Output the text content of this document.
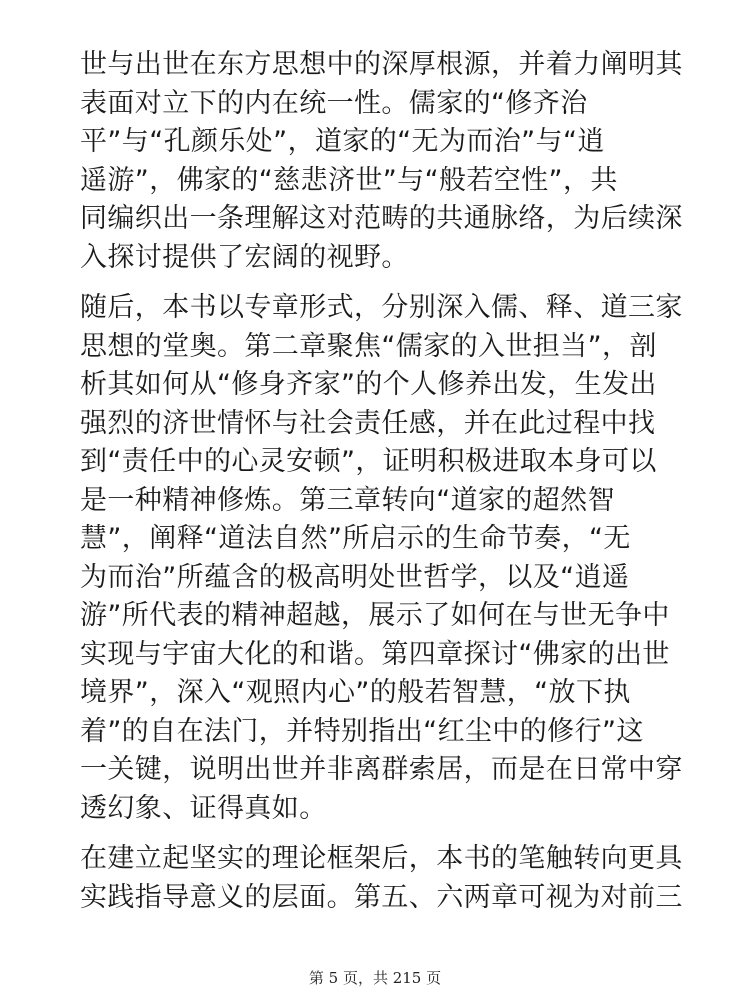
世与出世在东方思想中的深厚根源，并着力阐明其
表面对立下的内在统一性。儒家的“修齐治
平”与“孔颜乐处”，道家的“无为而治”与“逍
遥游”，佛家的“慈悲济世”与“般若空性”，共
同编织出一条理解这对范畴的共通脉络，为后续深
入探讨提供了宏阔的视野。
随后，本书以专章形式，分别深入儒、释、道三家
思想的堂奥。第二章聚焦“儒家的入世担当”，剖
析其如何从“修身齐家”的个人修养出发，生发出
强烈的济世情怀与社会责任感，并在此过程中找
到“责任中的心灵安顿”，证明积极进取本身可以
是一种精神修炼。第三章转向“道家的超然智
慧”，阐释“道法自然”所启示的生命节奏，“无
为而治”所蕴含的极高明处世哲学，以及“逍遥
游”所代表的精神超越，展示了如何在与世无争中
实现与宇宙大化的和谐。第四章探讨“佛家的出世
境界”，深入“观照内心”的般若智慧，“放下执
着”的自在法门，并特别指出“红尘中的修行”这
一关键，说明出世并非离群索居，而是在日常中穿
透幻象、证得真如。
在建立起坚实的理论框架后，本书的笔触转向更具
实践指导意义的层面。第五、六两章可视为对前三
第 5 页，共 215 页
